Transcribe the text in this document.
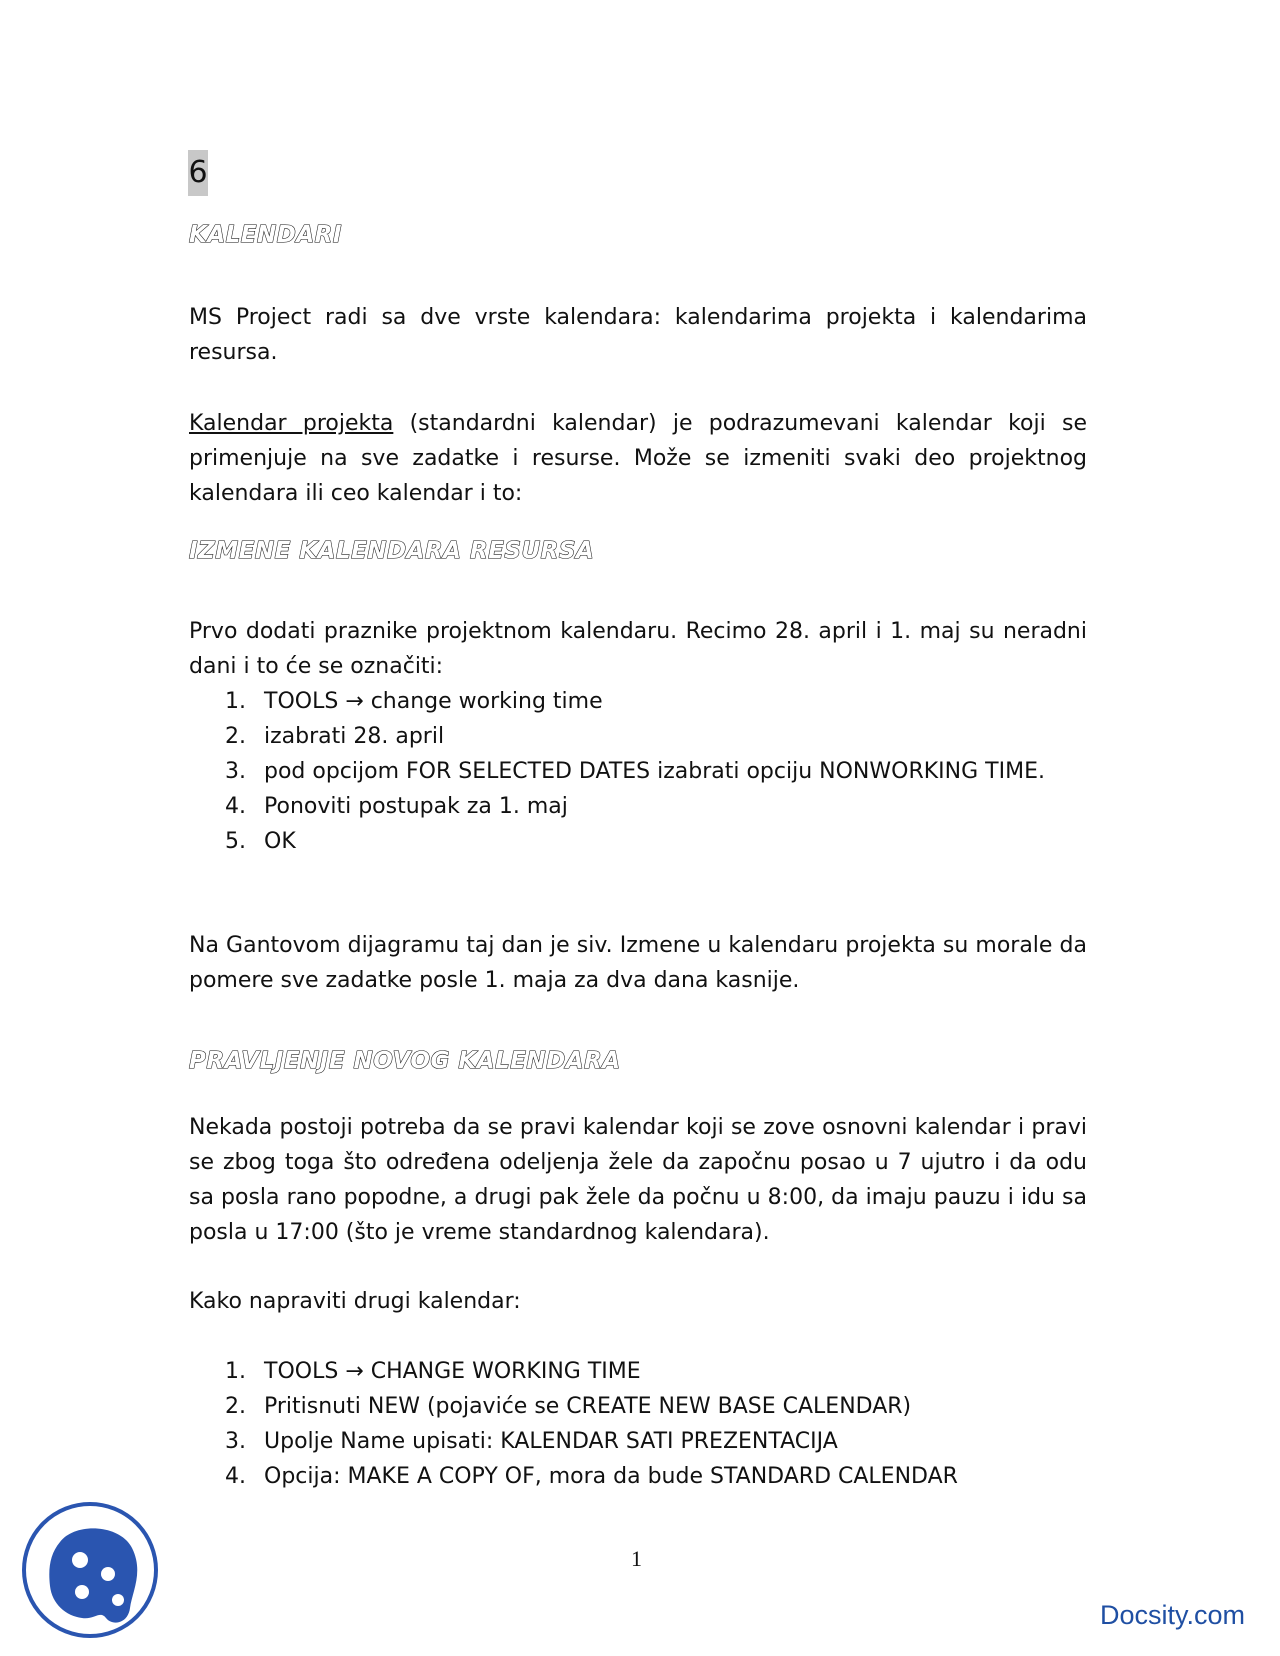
6
KALENDARI
MS Project radi sa dve vrste kalendara: kalendarima projekta i kalendarima resursa.
Kalendar projekta (standardni kalendar) je podrazumevani kalendar koji se primenjuje na sve zadatke i resurse. Može se izmeniti svaki deo projektnog kalendara ili ceo kalendar i to:
IZMENE KALENDARA RESURSA
Prvo dodati praznike projektnom kalendaru. Recimo 28. april i 1. maj su neradni dani i to će se označiti:
1. TOOLS → change working time
2. izabrati 28. april
3. pod opcijom FOR SELECTED DATES izabrati opciju NONWORKING TIME.
4. Ponoviti postupak za 1. maj
5. OK
Na Gantovom dijagramu taj dan je siv. Izmene u kalendaru projekta su morale da pomere sve zadatke posle 1. maja za dva dana kasnije.
PRAVLJENJE NOVOG KALENDARA
Nekada postoji potreba da se pravi kalendar koji se zove osnovni kalendar i pravi se zbog toga što određena odeljenja žele da započnu posao u 7 ujutro i da odu sa posla rano popodne, a drugi pak žele da počnu u 8:00, da imaju pauzu i idu sa posla u 17:00 (što je vreme standardnog kalendara).
Kako napraviti drugi kalendar:
1. TOOLS → CHANGE WORKING TIME
2. Pritisnuti NEW (pojaviće se CREATE NEW BASE CALENDAR)
3. Upolje Name upisati: KALENDAR SATI PREZENTACIJA
4. Opcija: MAKE A COPY OF, mora da bude STANDARD CALENDAR
1
Docsity.com
